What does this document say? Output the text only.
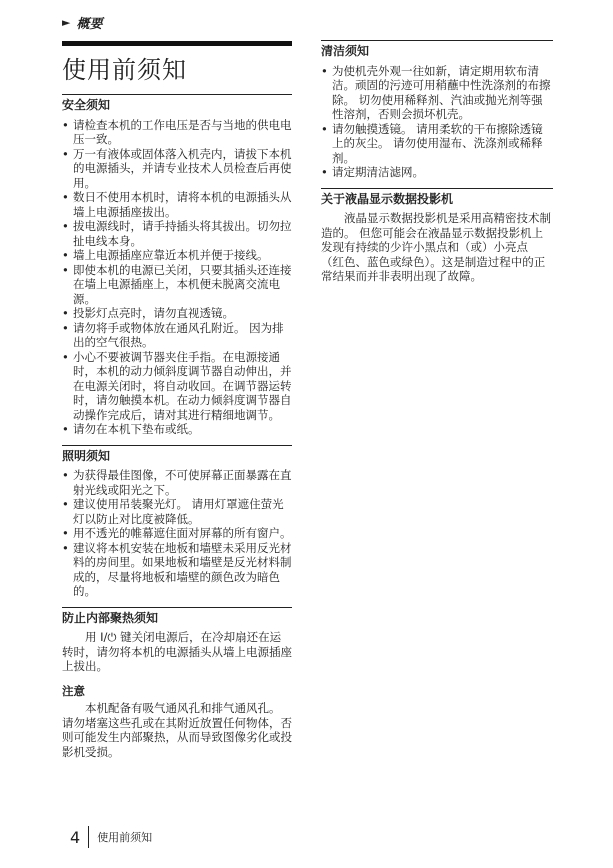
► 概要
使用前须知
安全须知
• 请检查本机的工作电压是否与当地的供电电压一致。
• 万一有液体或固体落入机壳内，请拔下本机的电源插头，并请专业技术人员检查后再使用。
• 数日不使用本机时，请将本机的电源插头从墙上电源插座拔出。
• 拔电源线时，请手持插头将其拔出。切勿拉扯电线本身。
• 墙上电源插座应靠近本机并便于接线。
• 即使本机的电源已关闭，只要其插头还连接在墙上电源插座上，本机便未脱离交流电源。
• 投影灯点亮时，请勿直视透镜。
• 请勿将手或物体放在通风孔附近。 因为排出的空气很热。
• 小心不要被调节器夹住手指。在电源接通时，本机的动力倾斜度调节器自动伸出，并在电源关闭时，将自动收回。在调节器运转时，请勿触摸本机。在动力倾斜度调节器自动操作完成后，请对其进行精细地调节。
• 请勿在本机下垫布或纸。
照明须知
• 为获得最佳图像，不可使屏幕正面暴露在直射光线或阳光之下。
• 建议使用吊装聚光灯。 请用灯罩遮住萤光灯以防止对比度被降低。
• 用不透光的帷幕遮住面对屏幕的所有窗户。
• 建议将本机安装在地板和墙壁未采用反光材料的房间里。如果地板和墙壁是反光材料制成的，尽量将地板和墙壁的颜色改为暗色的。
防止内部聚热须知

用 I/⏻ 键关闭电源后，在冷却扇还在运转时，请勿将本机的电源插头从墙上电源插座上拔出。

注意

本机配备有吸气通风孔和排气通风孔。 请勿堵塞这些孔或在其附近放置任何物体，否则可能发生内部聚热，从而导致图像劣化或投影机受损。

清洁须知
• 为使机壳外观一往如新，请定期用软布清洁。顽固的污迹可用稍蘸中性洗涤剂的布擦除。 切勿使用稀释剂、汽油或抛光剂等强性溶剂，否则会损坏机壳。
• 请勿触摸透镜。 请用柔软的干布擦除透镜上的灰尘。 请勿使用湿布、洗涤剂或稀释剂。
• 请定期清洁滤网。
关于液晶显示数据投影机

液晶显示数据投影机是采用高精密技术制造的。 但您可能会在液晶显示数据投影机上发现有持续的少许小黑点和（或）小亮点 （红色、蓝色或绿色）。这是制造过程中的正常结果而并非表明出现了故障。

4 使用前须知
